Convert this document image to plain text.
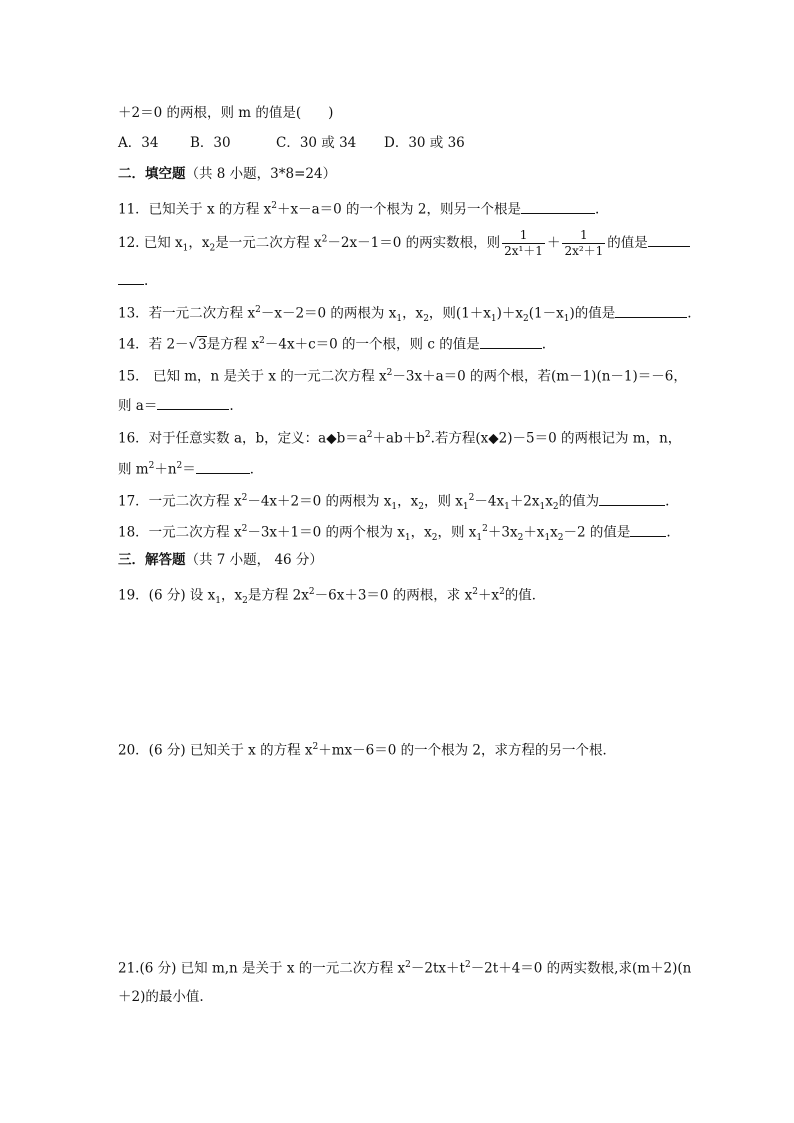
＋2＝0 的两根，则 m 的值是(　　)
A．34 B．30	C．30 或 34 D．30 或 36
二．填空题（共 8 小题，3*8=24）
11．已知关于 x 的方程 $x^2+x-a=0$ 的一个根为 2，则另一个根是	.
12. 已知 $x_1$，$x_2$是一元二次方程 $x^2-2x-1=0$ 的两实数根，则 $\frac{1}{\text{2x¹＋1}} + \frac{1}{\text{2x²＋1}}$ 的值是
.
13．若一元二次方程 $x^2-x-2=0$ 的两根为 $x_1$，$x_2$，则$(1+x_1)+x_2(1-x_1)$的值是	.
14．若 2－√3是方程 $x^2-4x+c=0$ 的一个根，则 c 的值是	.
15． 已知 m，n 是关于 x 的一元二次方程 $x^2-3x+a=0$ 的两个根，若(m－1)(n－1)＝－6，
则 a＝	.
16．对于任意实数 a，b，定义：$a◆b=a^2+ab+b^2$.若方程(x◆2)－5＝0 的两根记为 m，n，
则 $m^2+n^2=$	．
17．一元二次方程 $x^2-4x+2=0$ 的两根为 $x_1$，$x_2$，则 $x_1^2-4x_1+2x_1x_2$的值为	.
18．一元二次方程 $x^2-3x+1=0$ 的两个根为 $x_1$，$x_2$，则 $x_1^2+3x_2+x_1x_2-2$ 的值是	.
三．解答题（共 7 小题， 46 分）
19．(6 分) 设 $x_1$，$x_2$是方程 $2x^2-6x+3=0$ 的两根，求 $x^2+x^2$的值．
20．(6 分) 已知关于 x 的方程 $x^2+mx-6=0$ 的一个根为 2，求方程的另一个根．
21.(6 分) 已知 m,n 是关于 x 的一元二次方程 $x^2-2tx+t^2-2t+4=0$ 的两实数根,求(m＋2)(n
＋2)的最小值.
